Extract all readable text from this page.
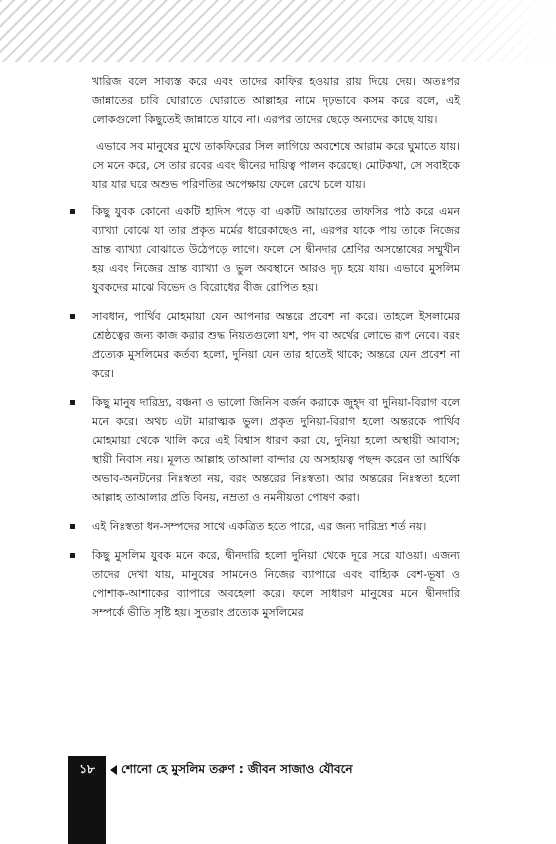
খারিজ বলে সাব্যস্ত করে এবং তাদের কাফির হওয়ার রায় দিয়ে দেয়। অতঃপর জান্নাতের চাবি ঘোরাতে ঘোরাতে আল্লাহর নামে দৃঢ়ভাবে কসম করে বলে, এই লোকগুলো কিছুতেই জান্নাতে যাবে না। এরপর তাদের ছেড়ে অন্যদের কাছে যায়।

এভাবে সব মানুষের মুখে তাকফিরের সিল লাগিয়ে অবশেষে আরাম করে ঘুমাতে যায়। সে মনে করে, সে তার রবের এবং দ্বীনের দায়িত্ব পালন করেছে। মোটকথা, সে সবাইকে যার যার ঘরে অশুভ পরিণতির অপেক্ষায় ফেলে রেখে চলে যায়।

কিছু যুবক কোনো একটি হাদিস পড়ে বা একটি আয়াতের তাফসির পাঠ করে এমন ব্যাখ্যা বোঝে যা তার প্রকৃত মর্মের ধারেকাছেও না, এরপর যাকে পায় তাকে নিজের ভ্রান্ত ব্যাখ্যা বোঝাতে উঠেপড়ে লাগে। ফলে সে দ্বীনদার শ্রেণির অসন্তোষের সম্মুখীন হয় এবং নিজের ভ্রান্ত ব্যাখ্যা ও ভুল অবস্থানে আরও দৃঢ় হয়ে যায়। এভাবে মুসলিম যুবকদের মাঝে বিভেদ ও বিরোধের বীজ রোপিত হয়।
সাবধান, পার্থিব মোহমায়া যেন আপনার অন্তরে প্রবেশ না করে। তাহলে ইসলামের শ্রেষ্ঠত্বের জন্য কাজ করার শুদ্ধ নিয়তগুলো যশ, পদ বা অর্থের লোভে রূপ নেবে। বরং প্রত্যেক মুসলিমের কর্তব্য হলো, দুনিয়া যেন তার হাতেই থাকে; অন্তরে যেন প্রবেশ না করে।
কিছু মানুষ দারিদ্র্য, বঞ্চনা ও ভালো জিনিস বর্জন করাকে জুহ্দ বা দুনিয়া-বিরাগ বলে মনে করে। অথচ এটা মারাত্মক ভুল। প্রকৃত দুনিয়া-বিরাগ হলো অন্তরকে পার্থিব মোহমায়া থেকে খালি করে এই বিশ্বাস ধারণ করা যে, দুনিয়া হলো অস্থায়ী আবাস; স্থায়ী নিবাস নয়। মূলত আল্লাহ তাআলা বান্দার যে অসহায়ত্ব পছন্দ করেন তা আর্থিক অভাব-অনটনের নিঃস্বতা নয়, বরং অন্তরের নিঃস্বতা। আর অন্তরের নিঃস্বতা হলো আল্লাহ তাআলার প্রতি বিনয়, নম্রতা ও নমনীয়তা পোষণ করা।
এই নিঃস্বতা ধন-সম্পদের সাথে একত্রিত হতে পারে, এর জন্য দারিদ্র্য শর্ত নয়।
কিছু মুসলিম যুবক মনে করে, দ্বীনদারি হলো দুনিয়া থেকে দূরে সরে যাওয়া। এজন্য তাদের দেখা যায়, মানুষের সামনেও নিজের ব্যাপারে এবং বাহ্যিক বেশ-ভূষা ও পোশাক-আশাকের ব্যাপারে অবহেলা করে। ফলে সাধারণ মানুষের মনে দ্বীনদারি সম্পর্কে ভীতি সৃষ্টি হয়। সুতরাং প্রত্যেক মুসলিমের
১৮	শোনো হে মুসলিম তরুণ : জীবন সাজাও যৌবনে
